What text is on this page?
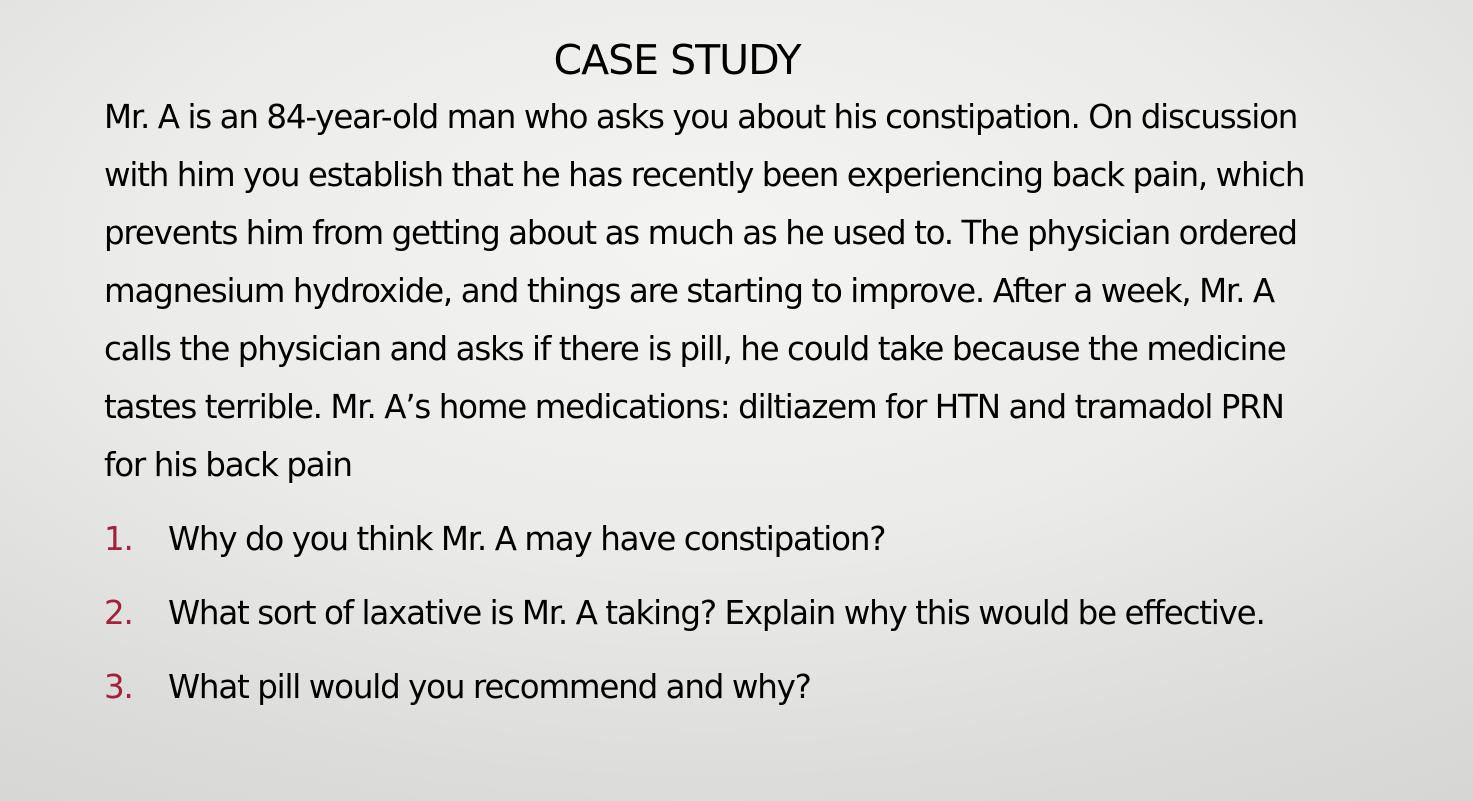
CASE STUDY

Mr. A is an 84-year-old man who asks you about his constipation. On discussion
with him you establish that he has recently been experiencing back pain, which
prevents him from getting about as much as he used to. The physician ordered
magnesium hydroxide, and things are starting to improve. After a week, Mr. A
calls the physician and asks if there is pill, he could take because the medicine
tastes terrible. Mr. A’s home medications: diltiazem for HTN and tramadol PRN
for his back pain

1.	Why do you think Mr. A may have constipation?
2.	What sort of laxative is Mr. A taking? Explain why this would be effective.
3.	What pill would you recommend and why?
